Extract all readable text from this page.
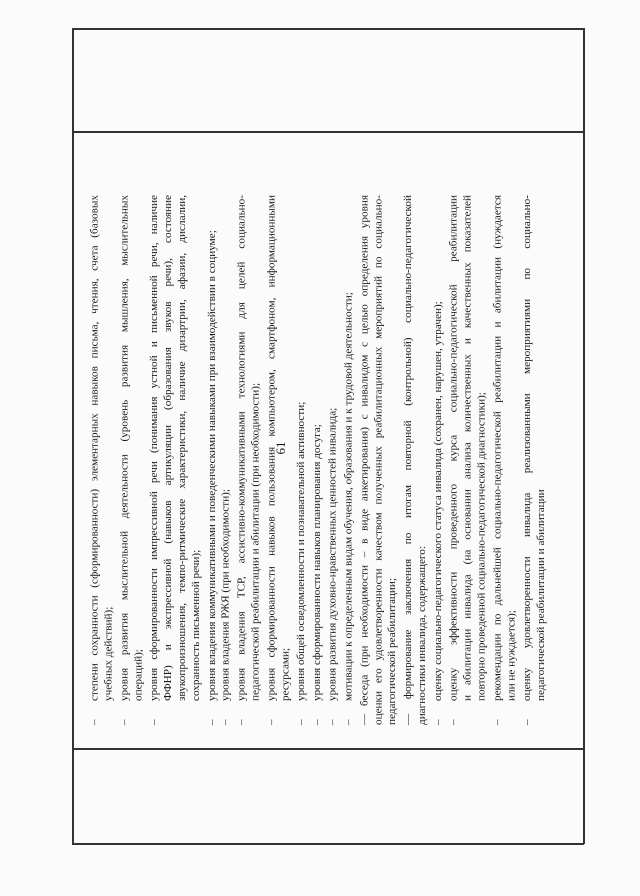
61
–
степени сохранности (сформированности) элементарных навыков письма, чтения, счета (базовых учебных действий);
–
уровня развития мыслительной деятельности (уровень развития мышления, мыслительных операций);
–
уровня сформированности импрессивной речи (понимания устной и письменной речи, наличие ФФНР) и экспрессивной (навыков артикуляции (образования звуков речи), состояние звукопроизношения, темпо-ритмические характеристики, наличие дизартрии, афазии, дислалии, сохранность письменной речи);
–
уровня владения коммуникативными и поведенческими навыками при взаимодействии в социуме;
–
уровня владения РЖЯ (при необходимости);
–
уровня владения ТСР, ассистивно-коммуникативными технологиями для целей социально- педагогической реабилитации и абилитации (при необходимости);
–
уровня сформированности навыков пользования компьютером, смартфоном, информационными ресурсами;
–
уровня общей осведомленности и познавательной активности;
–
уровня сформированности навыков планирования досуга;
–
уровня развития духовно-нравственных ценностей инвалида;
–
мотивации к определенным видам обучения, образования и к трудовой деятельности; — беседа (при необходимости – в виде анкетирования) с инвалидом с целью определения уровня оценки его удовлетворенности качеством полученных реабилитационных мероприятий по социально- педагогической реабилитации; — формирование заключения по итогам повторной (контрольной) социально-педагогической диагностики инвалида, содержащего: –
оценку социально-педагогического статуса инвалида (сохранен, нарушен, утрачен);
–
оценку эффективности проведенного курса социально-педагогической реабилитации и абилитации инвалида (на основании анализа количественных и качественных показателей повторно проведенной социально-педагогической диагностики);
–
рекомендации по дальнейшей социально-педагогической реабилитации и абилитации (нуждается или не нуждается);
–
оценку удовлетворенности инвалида реализованными мероприятиями по социально- педагогической реабилитации и абилитации
